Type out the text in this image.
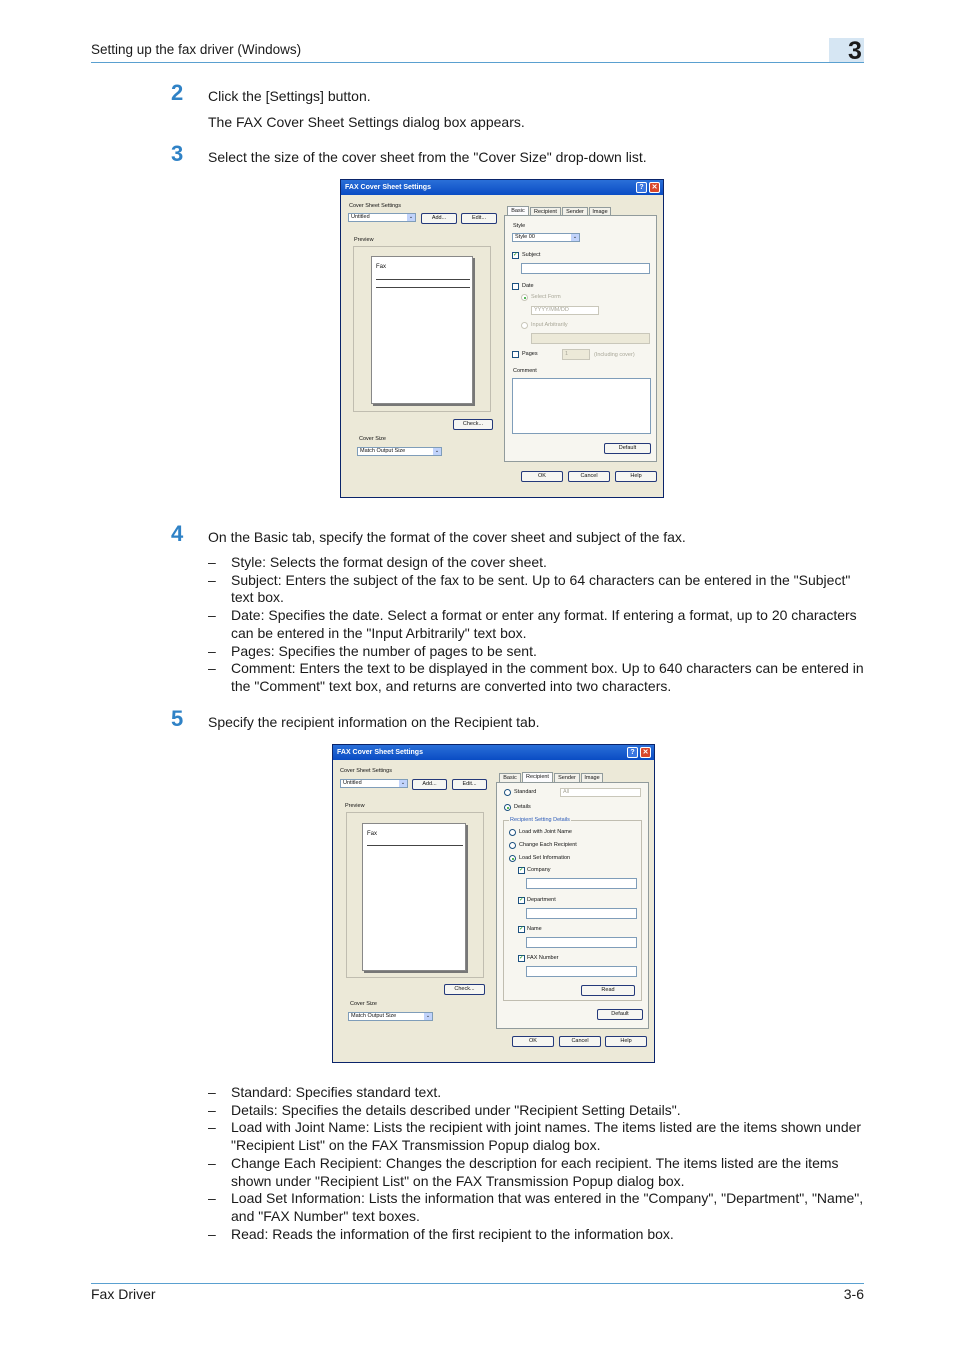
Setting up the fax driver (Windows)	3
2 Click the [Settings] button.
The FAX Cover Sheet Settings dialog box appears.
3 Select the size of the cover sheet from the "Cover Size" drop-down list.
FAX Cover Sheet Settings	?	✕
Cover Sheet Settings
Untitled	⌄	Add...	Edit...
Preview
Fax
Check...
Cover Size
Match Output Size	⌄
Basic	Recipient	Sender	Image
Style
Style 00	⌄
✓ Subject
Date
Select Form
YYYY/MM/DD
Input Arbitrarily
Pages	1	(Including cover)
Comment
Default
OK	Cancel	Help
4 On the Basic tab, specify the format of the cover sheet and subject of the fax.
–	Style: Selects the format design of the cover sheet.
–	Subject: Enters the subject of the fax to be sent. Up to 64 characters can be entered in the "Subject" text box.
–	Date: Specifies the date. Select a format or enter any format. If entering a format, up to 20 characters can be entered in the "Input Arbitrarily" text box.
–	Pages: Specifies the number of pages to be sent.
–	Comment: Enters the text to be displayed in the comment box. Up to 640 characters can be entered in the "Comment" text box, and returns are converted into two characters.
5 Specify the recipient information on the Recipient tab.
FAX Cover Sheet Settings	?	✕
Cover Sheet Settings
Untitled	⌄	Add...	Edit...
Preview
Fax
Check...
Cover Size
Match Output Size	⌄
Basic	Recipient	Sender	Image
Standard	All
Details
Recipient Setting Details
Load with Joint Name
Change Each Recipient
Load Set Information
✓ Company
✓ Department
✓ Name
✓ FAX Number
Read
Default
OK	Cancel	Help
–	Standard: Specifies standard text.
–	Details: Specifies the details described under "Recipient Setting Details".
–	Load with Joint Name: Lists the recipient with joint names. The items listed are the items shown under "Recipient List" on the FAX Transmission Popup dialog box.
–	Change Each Recipient: Changes the description for each recipient. The items listed are the items shown under "Recipient List" on the FAX Transmission Popup dialog box.
–	Load Set Information: Lists the information that was entered in the "Company", "Department", "Name", and "FAX Number" text boxes.
–	Read: Reads the information of the first recipient to the information box.
Fax Driver	3-6
